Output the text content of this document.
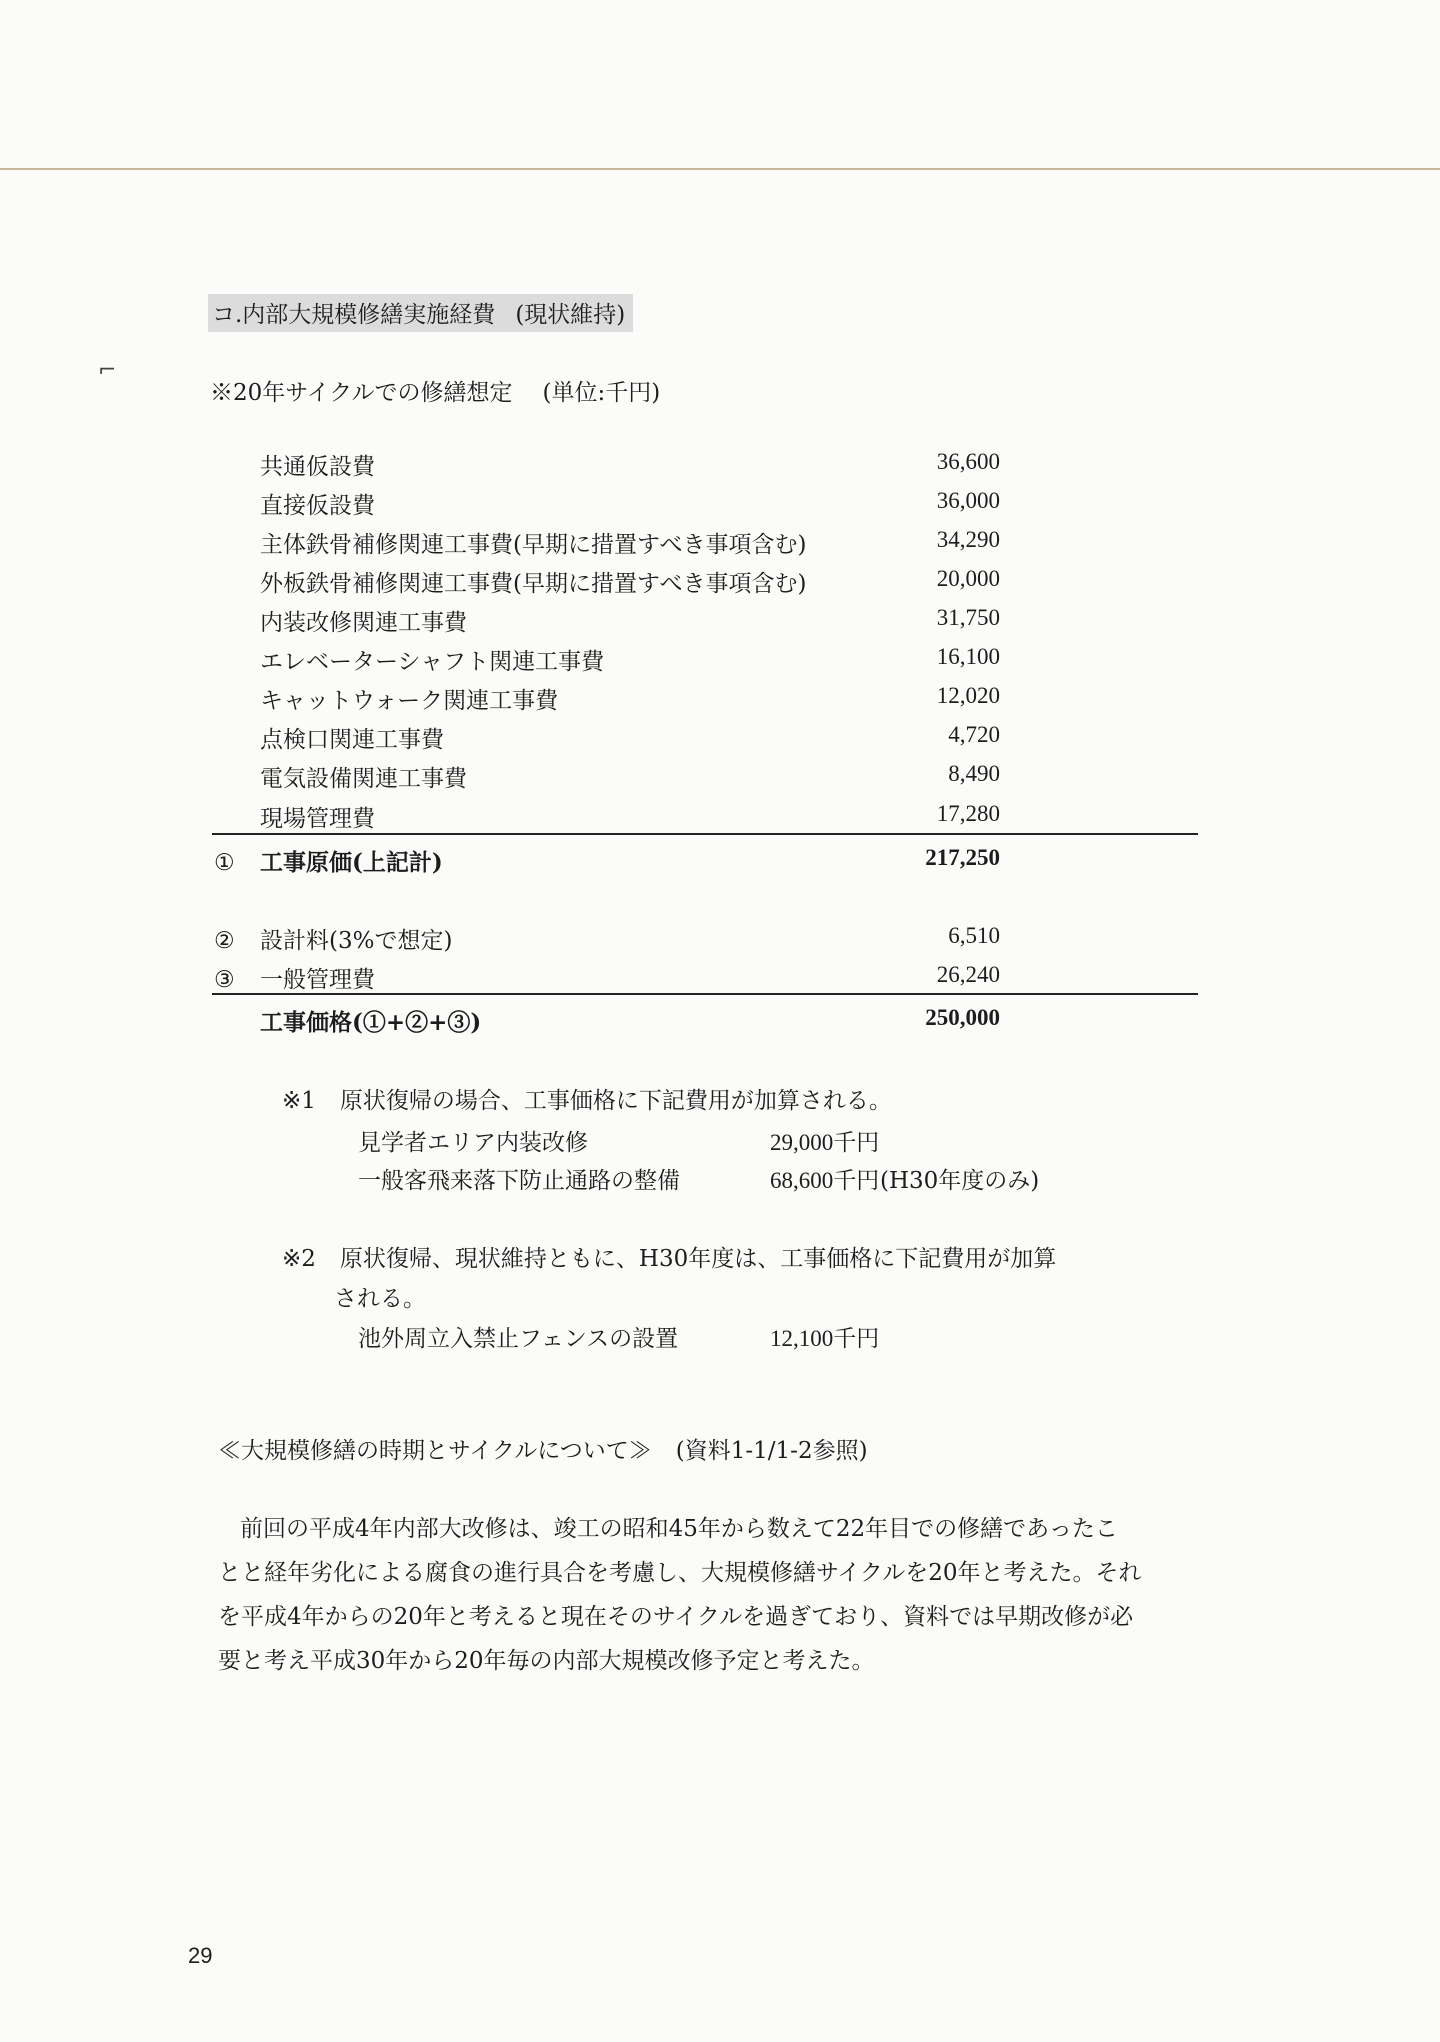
⌐
コ.内部大規模修繕実施経費 (現状維持)
※20年サイクルでの修繕想定 (単位:千円)
共通仮設費	36,600
直接仮設費	36,000
主体鉄骨補修関連工事費(早期に措置すべき事項含む)	34,290
外板鉄骨補修関連工事費(早期に措置すべき事項含む)	20,000
内装改修関連工事費	31,750
エレベーターシャフト関連工事費	16,100
キャットウォーク関連工事費	12,020
点検口関連工事費	4,720
電気設備関連工事費	8,490
現場管理費	17,280
① 工事原価(上記計)	217,250
② 設計料(3%で想定)	6,510
③ 一般管理費	26,240
工事価格(①+②+③)	250,000
※1 原状復帰の場合、工事価格に下記費用が加算される。
見学者エリア内装改修	29,000千円
一般客飛来落下防止通路の整備	68,600千円 (H30年度のみ)
※2 原状復帰、現状維持ともに、H30年度は、工事価格に下記費用が加算
される。
池外周立入禁止フェンスの設置	12,100千円
≪大規模修繕の時期とサイクルについて≫ (資料1-1/1-2参照)
前回の平成4年内部大改修は、竣工の昭和45年から数えて22年目での修繕であったこ
とと経年劣化による腐食の進行具合を考慮し、大規模修繕サイクルを20年と考えた。それ
を平成4年からの20年と考えると現在そのサイクルを過ぎており、資料では早期改修が必
要と考え平成30年から20年毎の内部大規模改修予定と考えた。
29
